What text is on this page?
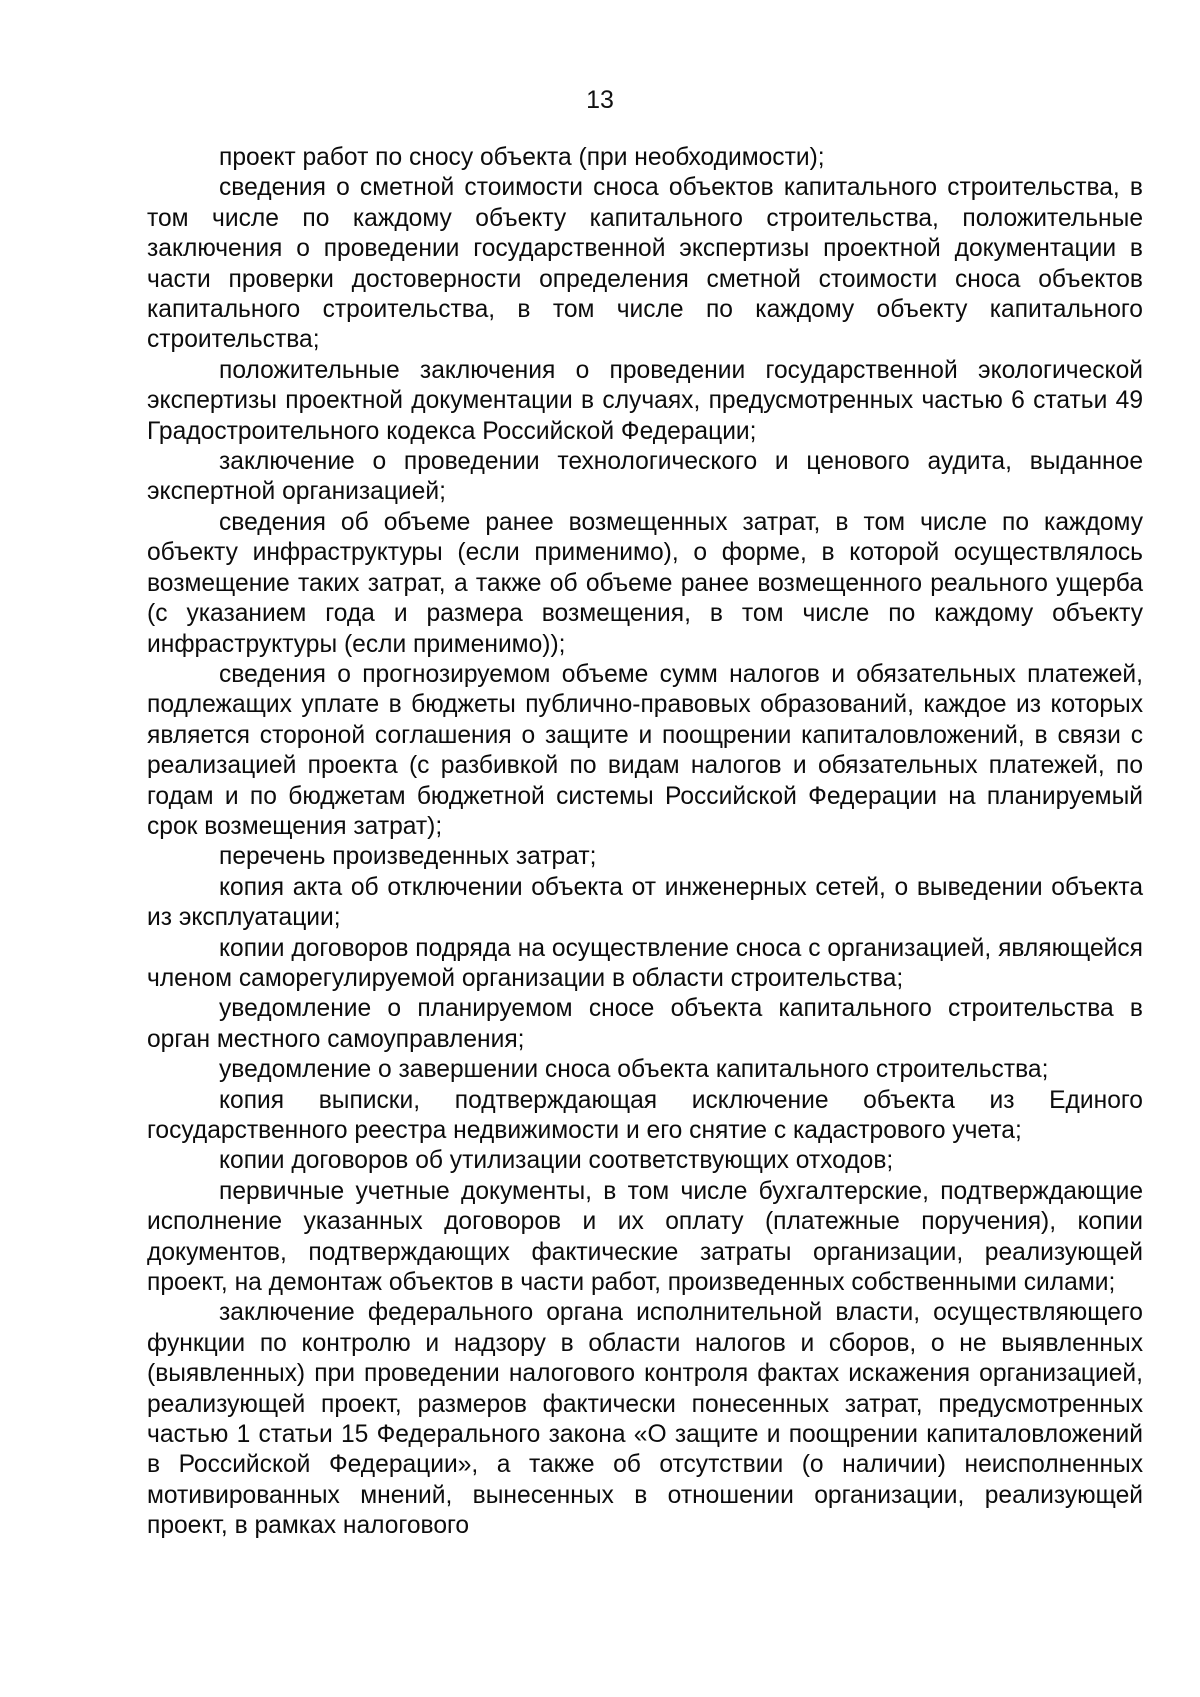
13

проект работ по сносу объекта (при необходимости);

сведения о сметной стоимости сноса объектов капитального строительства, в том числе по каждому объекту капитального строительства, положительные заключения о проведении государственной экспертизы проектной документации в части проверки достоверности определения сметной стоимости сноса объектов капитального строительства, в том числе по каждому объекту капитального строительства;

положительные заключения о проведении государственной экологической экспертизы проектной документации в случаях, предусмотренных частью 6 статьи 49 Градостроительного кодекса Российской Федерации;

заключение о проведении технологического и ценового аудита, выданное экспертной организацией;

сведения об объеме ранее возмещенных затрат, в том числе по каждому объекту инфраструктуры (если применимо), о форме, в которой осуществлялось возмещение таких затрат, а также об объеме ранее возмещенного реального ущерба (с указанием года и размера возмещения, в том числе по каждому объекту инфраструктуры (если применимо));

сведения о прогнозируемом объеме сумм налогов и обязательных платежей, подлежащих уплате в бюджеты публично-правовых образований, каждое из которых является стороной соглашения о защите и поощрении капиталовложений, в связи с реализацией проекта (с разбивкой по видам налогов и обязательных платежей, по годам и по бюджетам бюджетной системы Российской Федерации на планируемый срок возмещения затрат);

перечень произведенных затрат;

копия акта об отключении объекта от инженерных сетей, о выведении объекта из эксплуатации;

копии договоров подряда на осуществление сноса с организацией, являющейся членом саморегулируемой организации в области строительства;

уведомление о планируемом сносе объекта капитального строительства в орган местного самоуправления;

уведомление о завершении сноса объекта капитального строительства;

копия выписки, подтверждающая исключение объекта из Единого государственного реестра недвижимости и его снятие с кадастрового учета;

копии договоров об утилизации соответствующих отходов;

первичные учетные документы, в том числе бухгалтерские, подтверждающие исполнение указанных договоров и их оплату (платежные поручения), копии документов, подтверждающих фактические затраты организации, реализующей проект, на демонтаж объектов в части работ, произведенных собственными силами;

заключение федерального органа исполнительной власти, осуществляющего функции по контролю и надзору в области налогов и сборов, о не выявленных (выявленных) при проведении налогового контроля фактах искажения организацией, реализующей проект, размеров фактически понесенных затрат, предусмотренных частью 1 статьи 15 Федерального закона «О защите и поощрении капиталовложений в Российской Федерации», а также об отсутствии (о наличии) неисполненных мотивированных мнений, вынесенных в отношении организации, реализующей проект, в рамках налогового
